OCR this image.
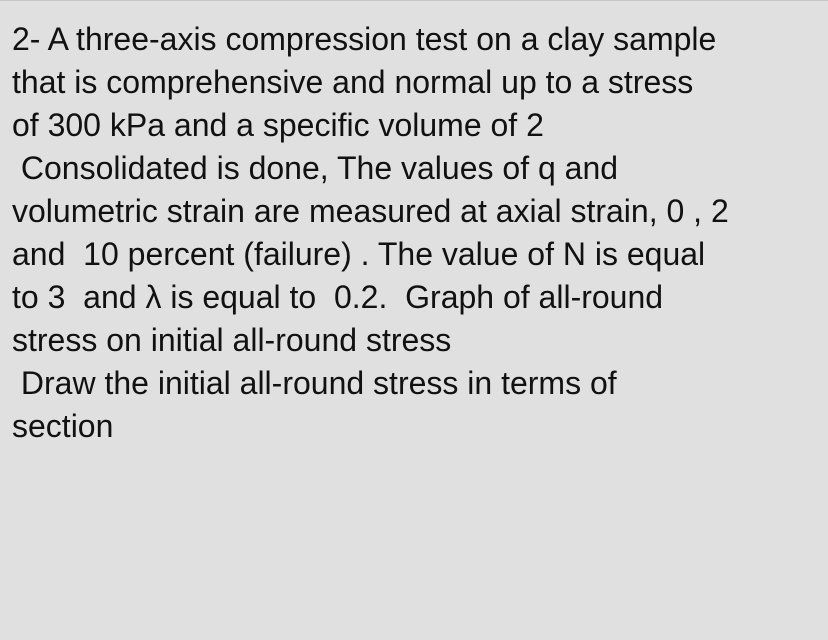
2- A three-axis compression test on a clay sample
that is comprehensive and normal up to a stress
of 300 kPa and a specific volume of 2
Consolidated is done, The values of q and
volumetric strain are measured at axial strain, 0 , 2
and  10 percent (failure) . The value of N is equal
to 3  and λ is equal to  0.2.  Graph of all-round
stress on initial all-round stress
Draw the initial all-round stress in terms of
section
